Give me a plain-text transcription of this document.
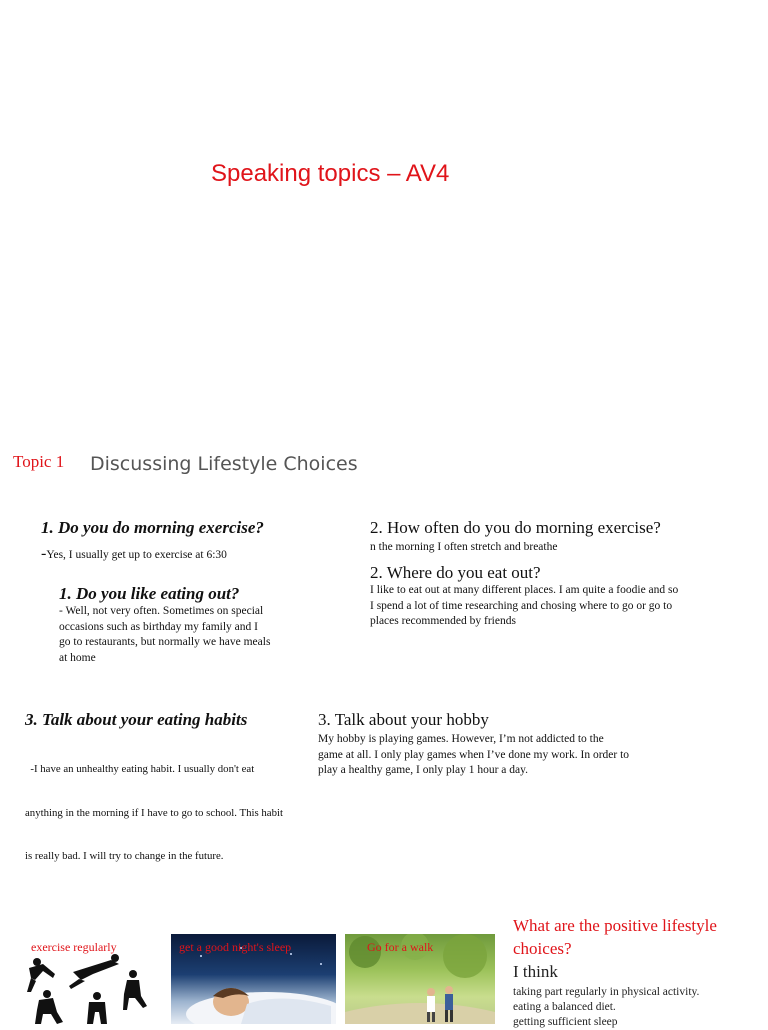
Speaking topics – AV4
Topic 1 Discussing Lifestyle Choices
1. Do you do morning exercise?
-Yes, I usually get up to exercise at 6:30
1. Do you like eating out?

- Well, not very often. Sometimes on special

occasions such as birthday my family and I

go to restaurants, but normally we have meals

at home

2. How often do you do morning exercise?
n the morning I often stretch and breathe
2. Where do you eat out?

I like to eat out at many different places. I am quite a foodie and so

I spend a lot of time researching and chosing where to go or go to

places recommended by friends

3. Talk about your eating habits

-I have an unhealthy eating habit. I usually don't eat

anything in the morning if I have to go to school. This habit

is really bad. I will try to change in the future.

3. Talk about your hobby

My hobby is playing games. However, I’m not addicted to the

game at all. I only play games when I’ve done my work. In order to

play a healthy game, I only play 1 hour a day.

exercise regularly	get a good night's sleep	Go for a walk
What are the positive lifestyle choices?
I think
taking part regularly in physical activity.
eating a balanced diet.
getting sufficient sleep
